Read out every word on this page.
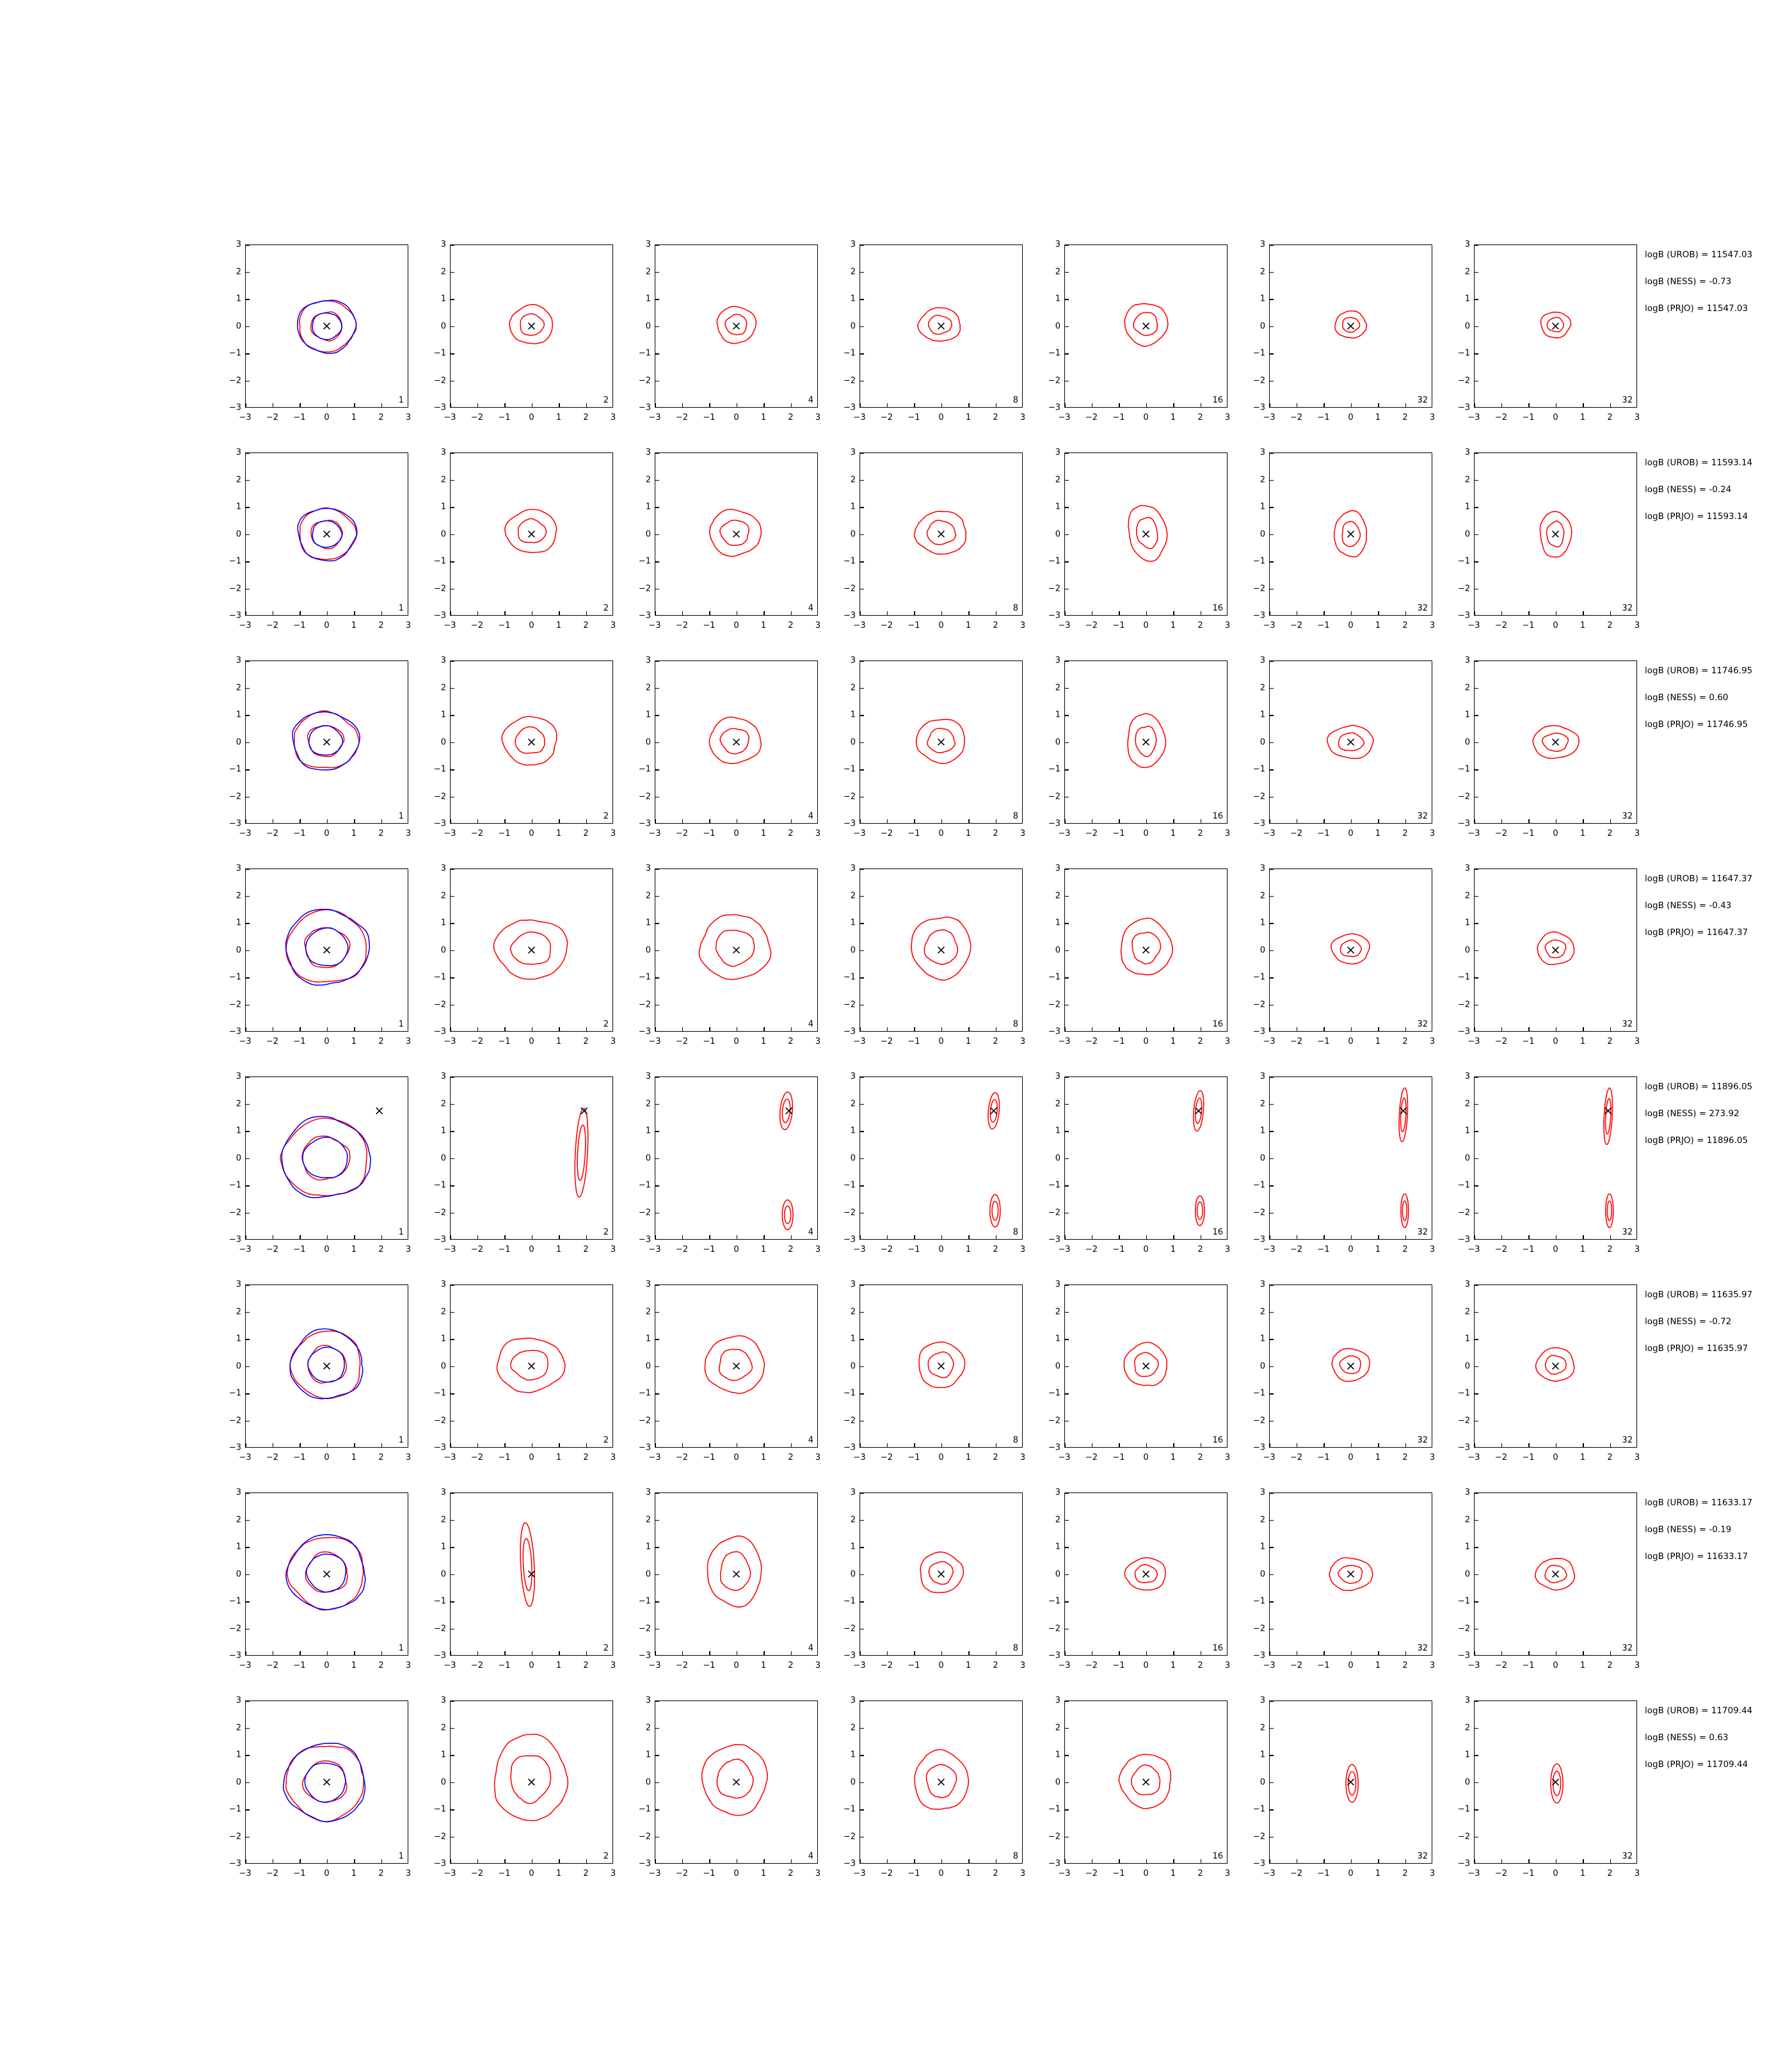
1
−3 −2 −1 0	1	2	3
−3
−2
−1
0
1
2
3
2
−3 −2 −1 0	1	2	3
−3
−2
−1
0
1
2
3
4
−3 −2 −1 0	1	2	3
−3
−2
−1
0
1
2
3
8
−3 −2 −1 0	1	2	3
−3
−2
−1
0
1
2
3
16
−3 −2 −1 0	1	2	3
−3
−2
−1
0
1
2
3
32
−3 −2 −1 0	1	2	3
−3
−2
−1
0
1
2
3
32
−3 −2 −1 0	1	2	3
−3
−2
−1
0
1
2
3
1
−3 −2 −1 0	1	2	3
−3
−2
−1
0
1
2
3
2
−3 −2 −1 0	1	2	3
−3
−2
−1
0
1
2
3
4
−3 −2 −1 0	1	2	3
−3
−2
−1
0
1
2
3
8
−3 −2 −1 0	1	2	3
−3
−2
−1
0
1
2
3
16
−3 −2 −1 0	1	2	3
−3
−2
−1
0
1
2
3
32
−3 −2 −1 0	1	2	3
−3
−2
−1
0
1
2
3
32
−3 −2 −1 0	1	2	3
−3
−2
−1
0
1
2
3
1
−3 −2 −1 0	1	2	3
−3
−2
−1
0
1
2
3
2
−3 −2 −1 0	1	2	3
−3
−2
−1
0
1
2
3
4
−3 −2 −1 0	1	2	3
−3
−2
−1
0
1
2
3
8
−3 −2 −1 0	1	2	3
−3
−2
−1
0
1
2
3
16
−3 −2 −1 0	1	2	3
−3
−2
−1
0
1
2
3
32
−3 −2 −1 0	1	2	3
−3
−2
−1
0
1
2
3
32
−3 −2 −1 0	1	2	3
−3
−2
−1
0
1
2
3
1
−3 −2 −1 0	1	2	3
−3
−2
−1
0
1
2
3
2
−3 −2 −1 0	1	2	3
−3
−2
−1
0
1
2
3
4
−3 −2 −1 0	1	2	3
−3
−2
−1
0
1
2
3
8
−3 −2 −1 0	1	2	3
−3
−2
−1
0
1
2
3
16
−3 −2 −1 0	1	2	3
−3
−2
−1
0
1
2
3
32
−3 −2 −1 0	1	2	3
−3
−2
−1
0
1
2
3
32
−3 −2 −1 0	1	2	3
−3
−2
−1
0
1
2
3
1
−3 −2 −1 0	1	2	3
−3
−2
−1
0
1
2
3
2
−3 −2 −1 0	1	2	3
−3
−2
−1
0
1
2
3
4
−3 −2 −1 0	1	2	3
−3
−2
−1
0
1
2
3
8
−3 −2 −1 0	1	2	3
−3
−2
−1
0
1
2
3
16
−3 −2 −1 0	1	2	3
−3
−2
−1
0
1
2
3
32
−3 −2 −1 0	1	2	3
−3
−2
−1
0
1
2
3
32
−3 −2 −1 0	1	2	3
−3
−2
−1
0
1
2
3
1
−3 −2 −1 0	1	2	3
−3
−2
−1
0
1
2
3
2
−3 −2 −1 0	1	2	3
−3
−2
−1
0
1
2
3
4
−3 −2 −1 0	1	2	3
−3
−2
−1
0
1
2
3
8
−3 −2 −1 0	1	2	3
−3
−2
−1
0
1
2
3
16
−3 −2 −1 0	1	2	3
−3
−2
−1
0
1
2
3
32
−3 −2 −1 0	1	2	3
−3
−2
−1
0
1
2
3
32
−3 −2 −1 0	1	2	3
−3
−2
−1
0
1
2
3
1
−3 −2 −1 0	1	2	3
−3
−2
−1
0
1
2
3
2
−3 −2 −1 0	1	2	3
−3
−2
−1
0
1
2
3
4
−3 −2 −1 0	1	2	3
−3
−2
−1
0
1
2
3
8
−3 −2 −1 0	1	2	3
−3
−2
−1
0
1
2
3
16
−3 −2 −1 0	1	2	3
−3
−2
−1
0
1
2
3
32
−3 −2 −1 0	1	2	3
−3
−2
−1
0
1
2
3
32
−3 −2 −1 0	1	2	3
−3
−2
−1
0
1
2
3
1
−3 −2 −1 0	1	2	3
−3
−2
−1
0
1
2
3
2
−3 −2 −1 0	1	2	3
−3
−2
−1
0
1
2
3
4
−3 −2 −1 0	1	2	3
−3
−2
−1
0
1
2
3
8
−3 −2 −1 0	1	2	3
−3
−2
−1
0
1
2
3
16
−3 −2 −1 0	1	2	3
−3
−2
−1
0
1
2
3
32
−3 −2 −1 0	1	2	3
−3
−2
−1
0
1
2
3
32
−3 −2 −1 0	1	2	3
−3
−2
−1
0
1
2
3
logB (UROB) = 11547.03
logB (NESS) = -0.73
logB (PRJO) = 11547.03
logB (UROB) = 11593.14
logB (NESS) = -0.24
logB (PRJO) = 11593.14
logB (UROB) = 11746.95
logB (NESS) = 0.60
logB (PRJO) = 11746.95
logB (UROB) = 11647.37
logB (NESS) = -0.43
logB (PRJO) = 11647.37
logB (UROB) = 11896.05
logB (NESS) = 273.92
logB (PRJO) = 11896.05
logB (UROB) = 11635.97
logB (NESS) = -0.72
logB (PRJO) = 11635.97
logB (UROB) = 11633.17
logB (NESS) = -0.19
logB (PRJO) = 11633.17
logB (UROB) = 11709.44
logB (NESS) = 0.63
logB (PRJO) = 11709.44
